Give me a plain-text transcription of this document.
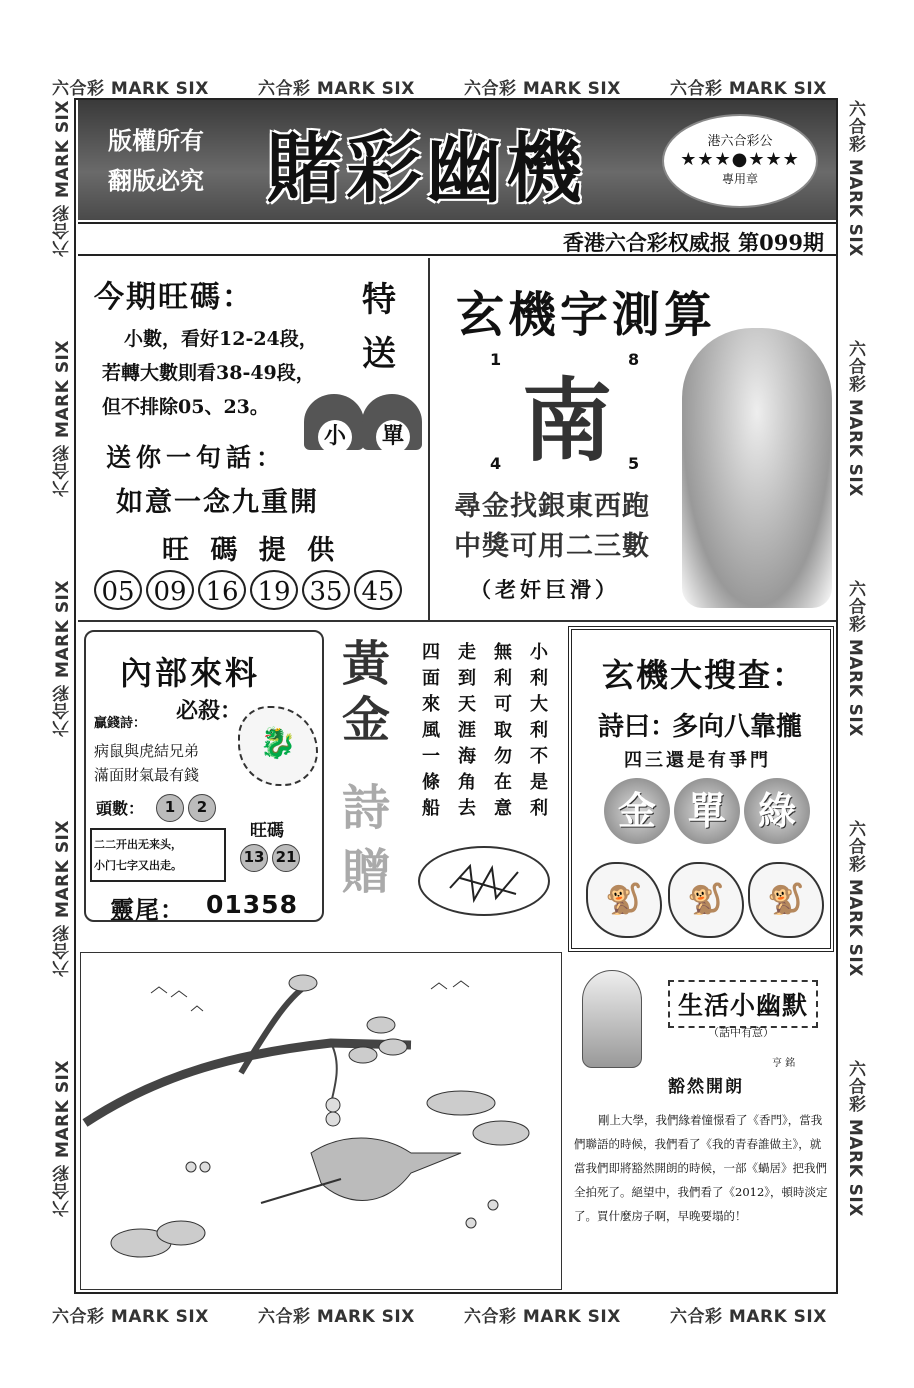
六合彩 MARK SIX	六合彩 MARK SIX	六合彩 MARK SIX	六合彩 MARK SIX
六合彩 MARK SIX	六合彩 MARK SIX	六合彩 MARK SIX	六合彩 MARK SIX
六合彩 MARK SIX
六合彩 MARK SIX
六合彩 MARK SIX
六合彩 MARK SIX
六合彩 MARK SIX
六合彩 MARK SIX
六合彩 MARK SIX
六合彩 MARK SIX
六合彩 MARK SIX
六合彩 MARK SIX
版權所有
翻版必究 賭彩幽機	港六合彩公
★★★●★★★
專用章
香港六合彩权威报 第099期
今期旺碼：	特
送
小數，看好12-24段，
若轉大數則看38-49段，
但不排除05、23。
小 單
送你一句話：
如意一念九重開
旺 碼 提 供
05 09 16 19 35 45
玄機字測算
1	8
南
4	5
尋金找銀東西跑
中獎可用二三數
（老奸巨滑）
內部來料
必殺：
贏錢詩：
🐉
病鼠與虎結兄弟
滿面財氣最有錢
頭數：	1 2
旺碼
二二开出无来头，
小门七字又出走。	13 21
靈尾： 01358
黃
金
詩
贈
小利大利不是利
無利可取勿在意
走到天涯海角去
四面來風一條船	玄機大搜查：
詩曰：
多向八靠攏
四三還是有爭門
金 單 綠
🐒	🐒	🐒
生活小幽默
（話中有意）
豁然開朗
亨 銘
剛上大學，我們緣着憧憬看了《香門》，當我們聯語的時候，我們看了《我的青春誰做主》，就當我們即將豁然開朗的時候，一部《蝸居》把我們全拍死了。絕望中，我們看了《2012》，頓時淡定了。買什麼房子啊，早晚要塌的！
